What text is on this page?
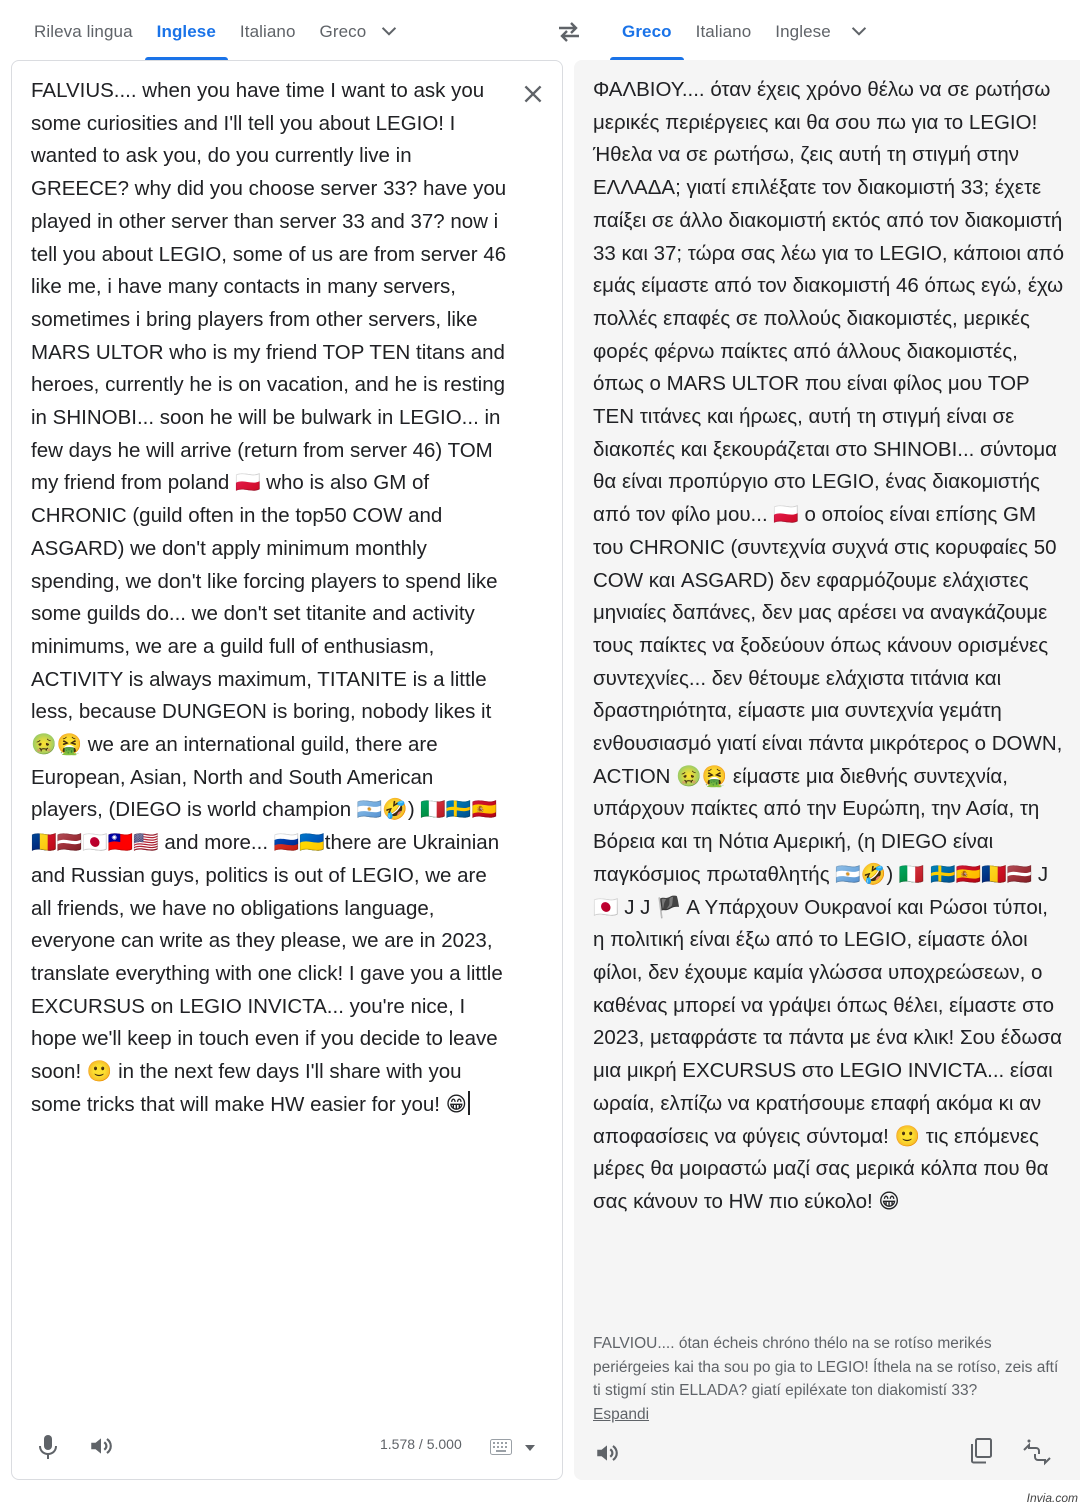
Rileva lingua	Inglese	Italiano	Greco	Greco	Italiano	Inglese
FALVIUS.... when you have time I want to ask you some curiosities and I'll tell you about LEGIO! I wanted to ask you, do you currently live in GREECE? why did you choose server 33? have you played in other server than server 33 and 37? now i tell you about LEGIO, some of us are from server 46 like me, i have many contacts in many servers, sometimes i bring players from other servers, like MARS ULTOR who is my friend TOP TEN titans and heroes, currently he is on vacation, and he is resting in SHINOBI... soon he will be bulwark in LEGIO... in few days he will arrive (return from server 46) TOM my friend from poland 🇵🇱 who is also GM of CHRONIC (guild often in the top50 COW and ASGARD) we don't apply minimum monthly spending, we don't like forcing players to spend like some guilds do... we don't set titanite and activity minimums, we are a guild full of enthusiasm, ACTIVITY is always maximum, TITANITE is a little less, because DUNGEON is boring, nobody likes it 🤢🤮 we are an international guild, there are European, Asian, North and South American players, (DIEGO is world champion 🇦🇷🤣) 🇮🇹🇸🇪🇪🇸🇷🇴🇱🇻🇯🇵🇹🇼🇺🇸 and more... 🇷🇺🇺🇦there are Ukrainian and Russian guys, politics is out of LEGIO, we are all friends, we have no obligations language, everyone can write as they please, we are in 2023, translate everything with one click! I gave you a little EXCURSUS on LEGIO INVICTA... you're nice, I hope we'll keep in touch even if you decide to leave soon! 🙂 in the next few days I'll share with you some tricks that will make HW easier for you! 😁
1.578 / 5.000
ΦΑΛΒΙΟΥ.... όταν έχεις χρόνο θέλω να σε ρωτήσω μερικές περιέργειες και θα σου πω για το LEGIO! Ήθελα να σε ρωτήσω, ζεις αυτή τη στιγμή στην ΕΛΛΑΔΑ; γιατί επιλέξατε τον διακομιστή 33; έχετε παίξει σε άλλο διακομιστή εκτός από τον διακομιστή 33 και 37; τώρα σας λέω για το LEGIO, κάποιοι από εμάς είμαστε από τον διακομιστή 46 όπως εγώ, έχω πολλές επαφές σε πολλούς διακομιστές, μερικές φορές φέρνω παίκτες από άλλους διακομιστές, όπως ο MARS ULTOR που είναι φίλος μου TOP TEN τιτάνες και ήρωες, αυτή τη στιγμή είναι σε διακοπές και ξεκουράζεται στο SHINOBI... σύντομα θα είναι προπύργιο στο LEGIO, ένας διακομιστής από τον φίλο μου... 🇵🇱 ο οποίος είναι επίσης GM του CHRONIC (συντεχνία συχνά στις κορυφαίες 50 COW και ASGARD) δεν εφαρμόζουμε ελάχιστες μηνιαίες δαπάνες, δεν μας αρέσει να αναγκάζουμε τους παίκτες να ξοδεύουν όπως κάνουν ορισμένες συντεχνίες... δεν θέτουμε ελάχιστα τιτάνια και δραστηριότητα, είμαστε μια συντεχνία γεμάτη ενθουσιασμό γιατί είναι πάντα μικρότερος ο DOWN, ACTION 🤢🤮 είμαστε μια διεθνής συντεχνία, υπάρχουν παίκτες από την Ευρώπη, την Ασία, τη Βόρεια και τη Νότια Αμερική, (η DIEGO είναι παγκόσμιος πρωταθλητής 🇦🇷🤣) 🇮🇹 🇸🇪🇪🇸🇷🇴🇱🇻 J 🇯🇵 J J 🏴 A Υπάρχουν Ουκρανοί και Ρώσοι τύποι, η πολιτική είναι έξω από το LEGIO, είμαστε όλοι φίλοι, δεν έχουμε καμία γλώσσα υποχρεώσεων, ο καθένας μπορεί να γράψει όπως θέλει, είμαστε στο 2023, μεταφράστε τα πάντα με ένα κλικ! Σου έδωσα μια μικρή EXCURSUS στο LEGIO INVICTA... είσαι ωραία, ελπίζω να κρατήσουμε επαφή ακόμα κι αν αποφασίσεις να φύγεις σύντομα! 🙂 τις επόμενες μέρες θα μοιραστώ μαζί σας μερικά κόλπα που θα σας κάνουν το HW πιο εύκολο! 😁
FALVIOU.... ótan écheis chróno thélo na se rotíso merikés periérgeies kai tha sou po gia to LEGIO! Íthela na se rotíso, zeis aftí ti stigmí stin ELLADA? giatí epiléxate ton diakomistí 33?
Espandi
Invia.com
